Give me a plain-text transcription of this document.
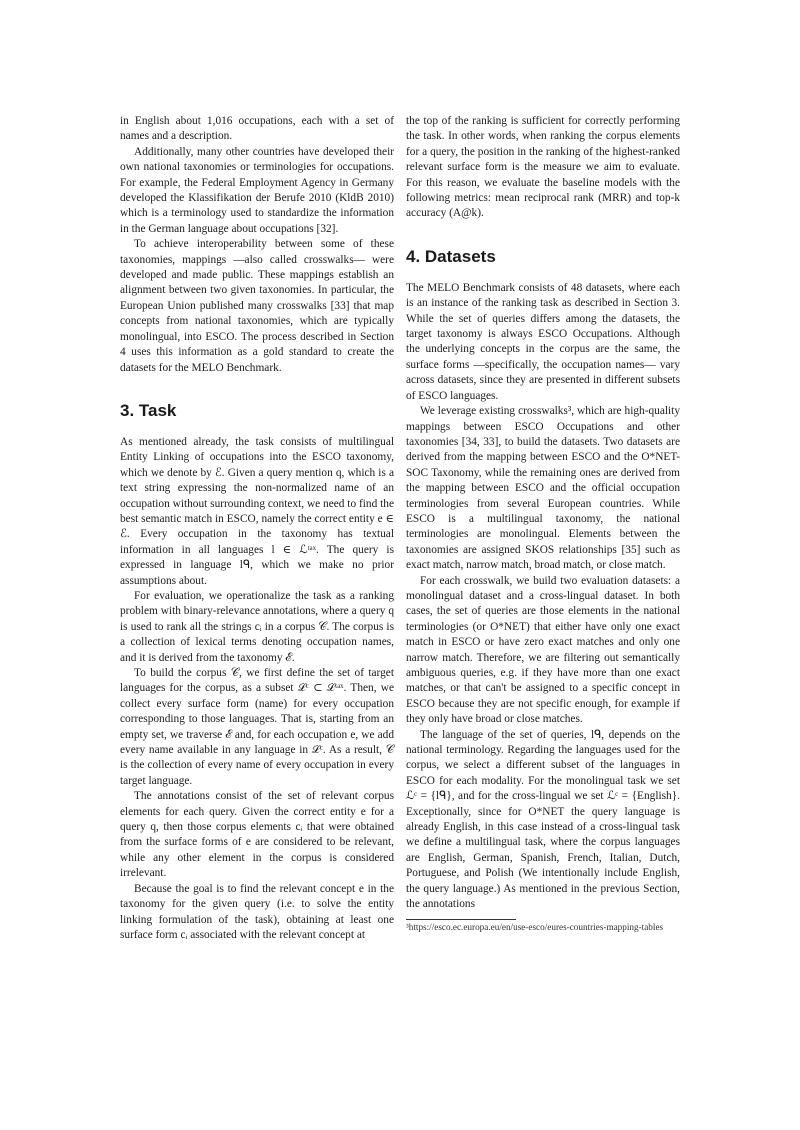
in English about 1,016 occupations, each with a set of names and a description.

Additionally, many other countries have developed their own national taxonomies or terminologies for occupations. For example, the Federal Employment Agency in Germany developed the Klassifikation der Berufe 2010 (KldB 2010) which is a terminology used to standardize the information in the German language about occupations [32].

To achieve interoperability between some of these taxonomies, mappings —also called crosswalks— were developed and made public. These mappings establish an alignment between two given taxonomies. In particular, the European Union published many crosswalks [33] that map concepts from national taxonomies, which are typically monolingual, into ESCO. The process described in Section 4 uses this information as a gold standard to create the datasets for the MELO Benchmark.

3. Task

As mentioned already, the task consists of multilingual Entity Linking of occupations into the ESCO taxonomy, which we denote by ℰ. Given a query mention q, which is a text string expressing the non-normalized name of an occupation without surrounding context, we need to find the best semantic match in ESCO, namely the correct entity e ∈ ℰ. Every occupation in the taxonomy has textual information in all languages l ∈ ℒᵗᵃˣ. The query is expressed in language lᑫ, which we make no prior assumptions about.

For evaluation, we operationalize the task as a ranking problem with binary-relevance annotations, where a query q is used to rank all the strings cᵢ in a corpus 𝒞. The corpus is a collection of lexical terms denoting occupation names, and it is derived from the taxonomy ℰ.

To build the corpus 𝒞, we first define the set of target languages for the corpus, as a subset ℒᶜ ⊂ ℒᵗᵃˣ. Then, we collect every surface form (name) for every occupation corresponding to those languages. That is, starting from an empty set, we traverse ℰ and, for each occupation e, we add every name available in any language in ℒᶜ. As a result, 𝒞 is the collection of every name of every occupation in every target language.

The annotations consist of the set of relevant corpus elements for each query. Given the correct entity e for a query q, then those corpus elements cᵢ that were obtained from the surface forms of e are considered to be relevant, while any other element in the corpus is considered irrelevant.

Because the goal is to find the relevant concept e in the taxonomy for the given query (i.e. to solve the entity linking formulation of the task), obtaining at least one surface form cᵢ associated with the relevant concept at

the top of the ranking is sufficient for correctly performing the task. In other words, when ranking the corpus elements for a query, the position in the ranking of the highest-ranked relevant surface form is the measure we aim to evaluate. For this reason, we evaluate the baseline models with the following metrics: mean reciprocal rank (MRR) and top-k accuracy (A@k).

4. Datasets

The MELO Benchmark consists of 48 datasets, where each is an instance of the ranking task as described in Section 3. While the set of queries differs among the datasets, the target taxonomy is always ESCO Occupations. Although the underlying concepts in the corpus are the same, the surface forms —specifically, the occupation names— vary across datasets, since they are presented in different subsets of ESCO languages.

We leverage existing crosswalks³, which are high-quality mappings between ESCO Occupations and other taxonomies [34, 33], to build the datasets. Two datasets are derived from the mapping between ESCO and the O*NET-SOC Taxonomy, while the remaining ones are derived from the mapping between ESCO and the official occupation terminologies from several European countries. While ESCO is a multilingual taxonomy, the national terminologies are monolingual. Elements between the taxonomies are assigned SKOS relationships [35] such as exact match, narrow match, broad match, or close match.

For each crosswalk, we build two evaluation datasets: a monolingual dataset and a cross-lingual dataset. In both cases, the set of queries are those elements in the national terminologies (or O*NET) that either have only one exact match in ESCO or have zero exact matches and only one narrow match. Therefore, we are filtering out semantically ambiguous queries, e.g. if they have more than one exact matches, or that can't be assigned to a specific concept in ESCO because they are not specific enough, for example if they only have broad or close matches.

The language of the set of queries, lᑫ, depends on the national terminology. Regarding the languages used for the corpus, we select a different subset of the languages in ESCO for each modality. For the monolingual task we set ℒᶜ = {lᑫ}, and for the cross-lingual we set ℒᶜ = {English}. Exceptionally, since for O*NET the query language is already English, in this case instead of a cross-lingual task we define a multilingual task, where the corpus languages are English, German, Spanish, French, Italian, Dutch, Portuguese, and Polish (We intentionally include English, the query language.) As mentioned in the previous Section, the annotations

³https://esco.ec.europa.eu/en/use-esco/eures-countries-mapping-tables
